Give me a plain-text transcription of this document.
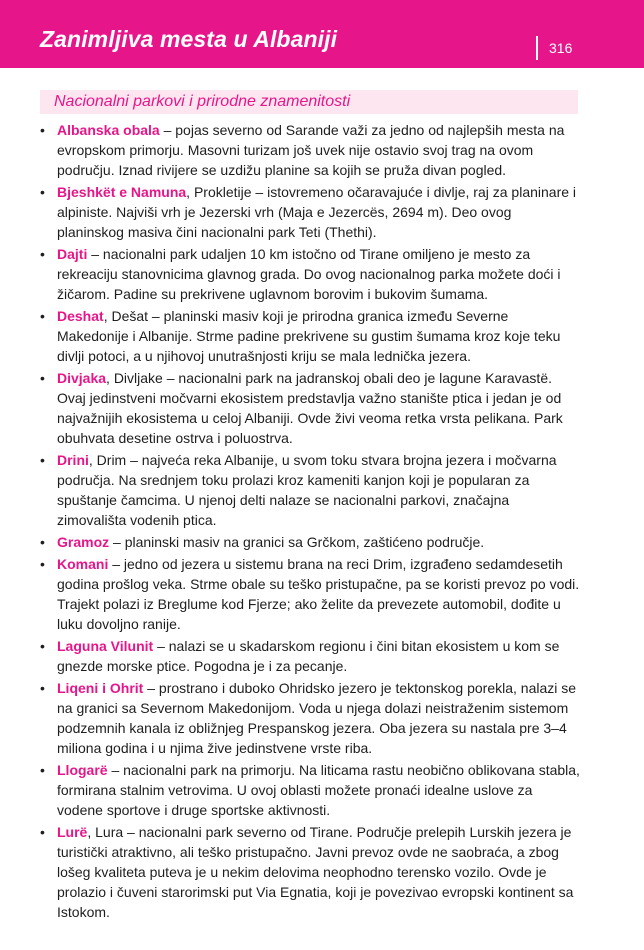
Zanimljiva mesta u Albaniji	316
Nacionalni parkovi i prirodne znamenitosti
• Albanska obala – pojas severno od Sarande važi za jedno od najlepših mesta na evropskom primorju. Masovni turizam još uvek nije ostavio svoj trag na ovom području. Iznad rivijere se uzdižu planine sa kojih se pruža divan pogled.
• Bjeshkët e Namuna, Prokletije – istovremeno očaravajuće i divlje, raj za planinare i alpiniste. Najviši vrh je Jezerski vrh (Maja e Jezercës, 2694 m). Deo ovog planinskog masiva čini nacionalni park Teti (Thethi).
• Dajti – nacionalni park udaljen 10 km istočno od Tirane omiljeno je mesto za rekreaciju stanovnicima glavnog grada. Do ovog nacionalnog parka možete doći i žičarom. Padine su prekrivene uglavnom borovim i bukovim šumama.
• Deshat, Dešat – planinski masiv koji je prirodna granica između Severne Makedonije i Albanije. Strme padine prekrivene su gustim šumama kroz koje teku divlji potoci, a u njihovoj unutrašnjosti kriju se mala lednička jezera.
• Divjaka, Divljake – nacionalni park na jadranskoj obali deo je lagune Karavastë. Ovaj jedinstveni močvarni ekosistem predstavlja važno stanište ptica i jedan je od najvažnijih ekosistema u celoj Albaniji. Ovde živi veoma retka vrsta pelikana. Park obuhvata desetine ostrva i poluostrva.
• Drini, Drim – najveća reka Albanije, u svom toku stvara brojna jezera i močvarna područja. Na srednjem toku prolazi kroz kameniti kanjon koji je popularan za spuštanje čamcima. U njenoj delti nalaze se nacionalni parkovi, značajna zimovališta vodenih ptica.
• Gramoz – planinski masiv na granici sa Grčkom, zaštićeno područje.
• Komani – jedno od jezera u sistemu brana na reci Drim, izgrađeno sedamdesetih godina prošlog veka. Strme obale su teško pristupačne, pa se koristi prevoz po vodi. Trajekt polazi iz Breglume kod Fjerze; ako želite da prevezete automobil, dođite u luku dovoljno ranije.
• Laguna Vilunit – nalazi se u skadarskom regionu i čini bitan ekosistem u kom se gnezde morske ptice. Pogodna je i za pecanje.
• Liqeni i Ohrit – prostrano i duboko Ohridsko jezero je tektonskog porekla, nalazi se na granici sa Severnom Makedonijom. Voda u njega dolazi neistraženim sistemom podzemnih kanala iz obližnjeg Prespanskog jezera. Oba jezera su nastala pre 3–4 miliona godina i u njima žive jedinstvene vrste riba.
• Llogarë – nacionalni park na primorju. Na liticama rastu neobično oblikovana stabla, formirana stalnim vetrovima. U ovoj oblasti možete pronaći idealne uslove za vodene sportove i druge sportske aktivnosti.
• Lurë, Lura – nacionalni park severno od Tirane. Područje prelepih Lurskih jezera je turistički atraktivno, ali teško pristupačno. Javni prevoz ovde ne saobraća, a zbog lošeg kvaliteta puteva je u nekim delovima neophodno terensko vozilo. Ovde je prolazio i čuveni starorimski put Via Egnatia, koji je povezivao evropski kontinent sa Istokom.
